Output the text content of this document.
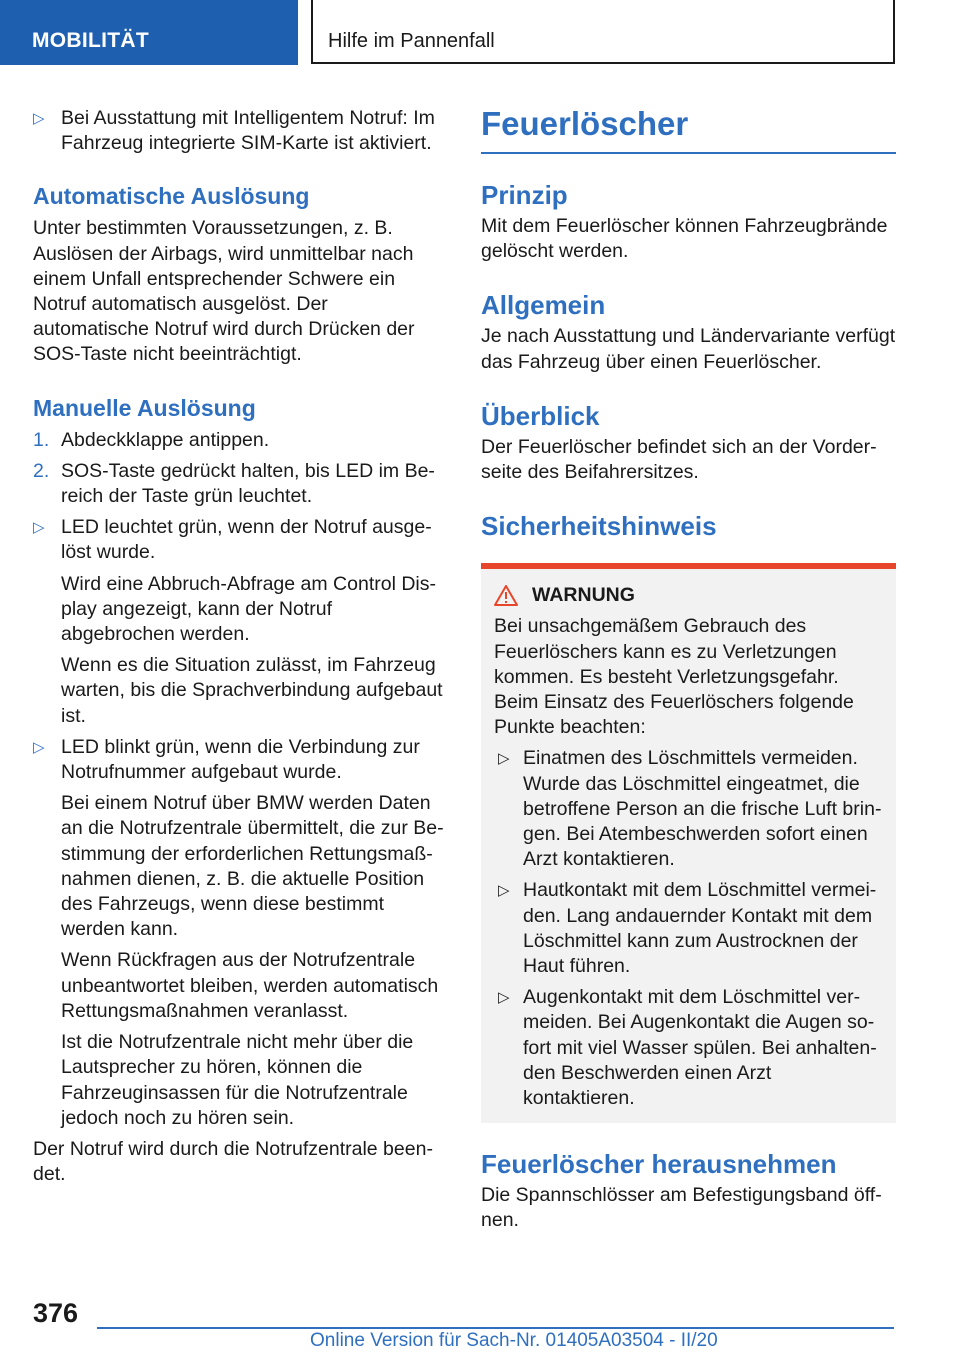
MOBILITÄT	Hilfe im Pannenfall
▷ Bei Ausstattung mit Intelligentem Notruf: Im Fahrzeug integrierte SIM-Karte ist aktiviert.

Automatische Auslösung

Unter bestimmten Voraussetzungen, z. B. Auslösen der Airbags, wird unmittelbar nach einem Unfall entsprechender Schwere ein Notruf automatisch ausgelöst. Der automatische Notruf wird durch Drücken der SOS-Taste nicht beeinträchtigt.

Manuelle Auslösung
1. Abdeckklappe antippen.

2. SOS-Taste gedrückt halten, bis LED im Bereich der Taste grün leuchtet.

▷ LED leuchtet grün, wenn der Notruf ausgelöst wurde.

Wird eine Abbruch-Abfrage am Control Display angezeigt, kann der Notruf abgebrochen werden.

Wenn es die Situation zulässt, im Fahrzeug warten, bis die Sprachverbindung aufgebaut ist.

▷ LED blinkt grün, wenn die Verbindung zur Notrufnummer aufgebaut wurde.

Bei einem Notruf über BMW werden Daten an die Notrufzentrale übermittelt, die zur Bestimmung der erforderlichen Rettungsmaßnahmen dienen, z. B. die aktuelle Position des Fahrzeugs, wenn diese bestimmt werden kann.

Wenn Rückfragen aus der Notrufzentrale unbeantwortet bleiben, werden automatisch Rettungsmaßnahmen veranlasst.

Ist die Notrufzentrale nicht mehr über die Lautsprecher zu hören, können die Fahrzeuginsassen für die Notrufzentrale jedoch noch zu hören sein.

Der Notruf wird durch die Notrufzentrale beendet.

Feuerlöscher
Prinzip

Mit dem Feuerlöscher können Fahrzeugbrände gelöscht werden.

Allgemein

Je nach Ausstattung und Ländervariante verfügt das Fahrzeug über einen Feuerlöscher.

Überblick

Der Feuerlöscher befindet sich an der Vorderseite des Beifahrersitzes.

Sicherheitshinweis
WARNUNG

Bei unsachgemäßem Gebrauch des Feuerlöschers kann es zu Verletzungen kommen. Es besteht Verletzungsgefahr. Beim Einsatz des Feuerlöschers folgende Punkte beachten:

▷ Einatmen des Löschmittels vermeiden. Wurde das Löschmittel eingeatmet, die betroffene Person an die frische Luft bringen. Bei Atembeschwerden sofort einen Arzt kontaktieren.

▷ Hautkontakt mit dem Löschmittel vermeiden. Lang andauernder Kontakt mit dem Löschmittel kann zum Austrocknen der Haut führen.

▷ Augenkontakt mit dem Löschmittel vermeiden. Bei Augenkontakt die Augen sofort mit viel Wasser spülen. Bei anhaltenden Beschwerden einen Arzt kontaktieren.

Feuerlöscher herausnehmen

Die Spannschlösser am Befestigungsband öffnen.

376
Online Version für Sach-Nr. 01405A03504 - II/20
